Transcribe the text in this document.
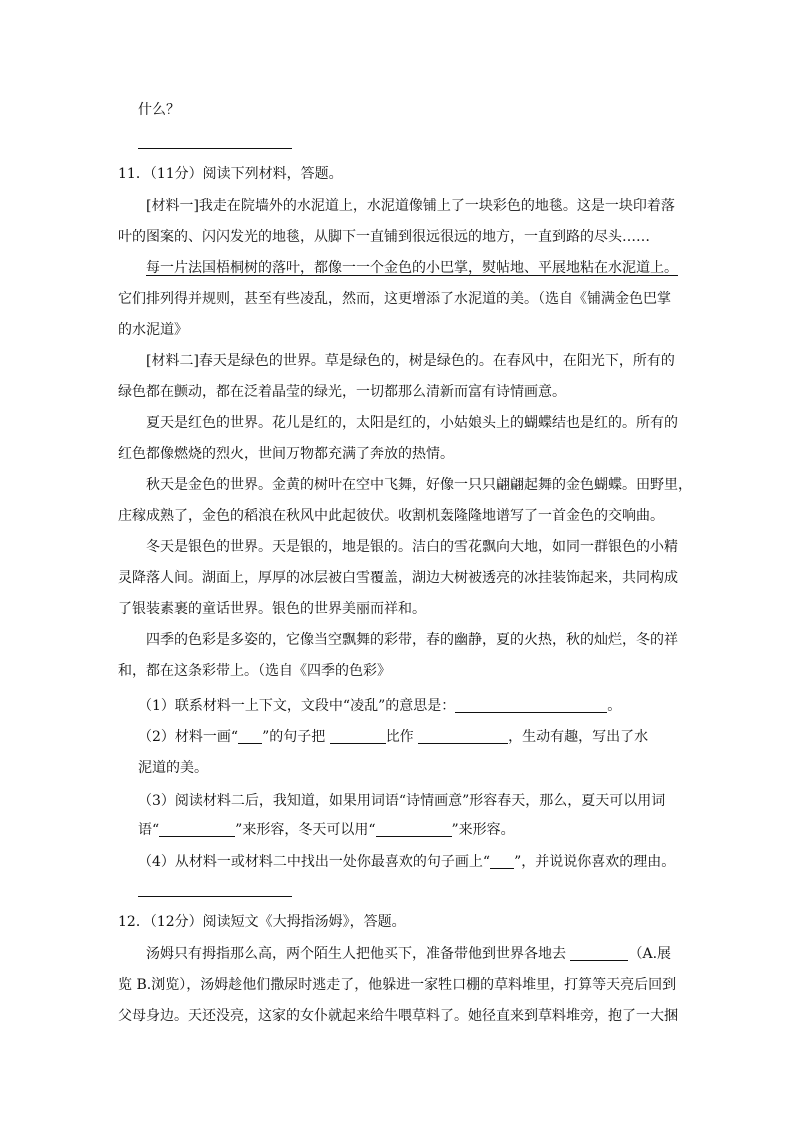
什么？
11．（11分）阅读下列材料，答题。
[材料一]我走在院墙外的水泥道上，水泥道像铺上了一块彩色的地毯。这是一块印着落
叶的图案的、闪闪发光的地毯，从脚下一直铺到很远很远的地方，一直到路的尽头……
每一片法国梧桐树的落叶，都像一一个金色的小巴掌，熨帖地、平展地粘在水泥道上。
它们排列得并规则，甚至有些凌乱，然而，这更增添了水泥道的美。（选自《铺满金色巴掌
的水泥道》
[材料二]春天是绿色的世界。草是绿色的，树是绿色的。在春风中，在阳光下，所有的
绿色都在颤动，都在泛着晶莹的绿光，一切都那么清新而富有诗情画意。
夏天是红色的世界。花儿是红的，太阳是红的，小姑娘头上的蝴蝶结也是红的。所有的
红色都像燃烧的烈火，世间万物都充满了奔放的热情。
秋天是金色的世界。金黄的树叶在空中飞舞，好像一只只翩翩起舞的金色蝴蝶。田野里，
庄稼成熟了，金色的稻浪在秋风中此起彼伏。收割机轰隆隆地谱写了一首金色的交响曲。
冬天是银色的世界。天是银的，地是银的。洁白的雪花飘向大地，如同一群银色的小精
灵降落人间。湖面上，厚厚的冰层被白雪覆盖，湖边大树被透亮的冰挂装饰起来，共同构成
了银装素裹的童话世界。银色的世界美丽而祥和。
四季的色彩是多姿的，它像当空飘舞的彩带，春的幽静，夏的火热，秋的灿烂，冬的祥
和，都在这条彩带上。（选自《四季的色彩》
（1）联系材料一上下文，文段中“凌乱”的意思是：	。
（2）材料一画“ ”的句子把	比作	，生动有趣，写出了水
泥道的美。
（3）阅读材料二后，我知道，如果用词语“诗情画意”形容春天，那么，夏天可以用词
语“	”来形容，冬天可以用“	”来形容。
（4）从材料一或材料二中找出一处你最喜欢的句子画上“ ”，并说说你喜欢的理由。
12．（12分）阅读短文《大拇指汤姆》，答题。
汤姆只有拇指那么高，两个陌生人把他买下，准备带他到世界各地去	（A.展
览 B.浏览），汤姆趁他们撒尿时逃走了，他躲进一家牲口棚的草料堆里，打算等天亮后回到
父母身边。天还没亮，这家的女仆就起来给牛喂草料了。她径直来到草料堆旁，抱了一大捆
